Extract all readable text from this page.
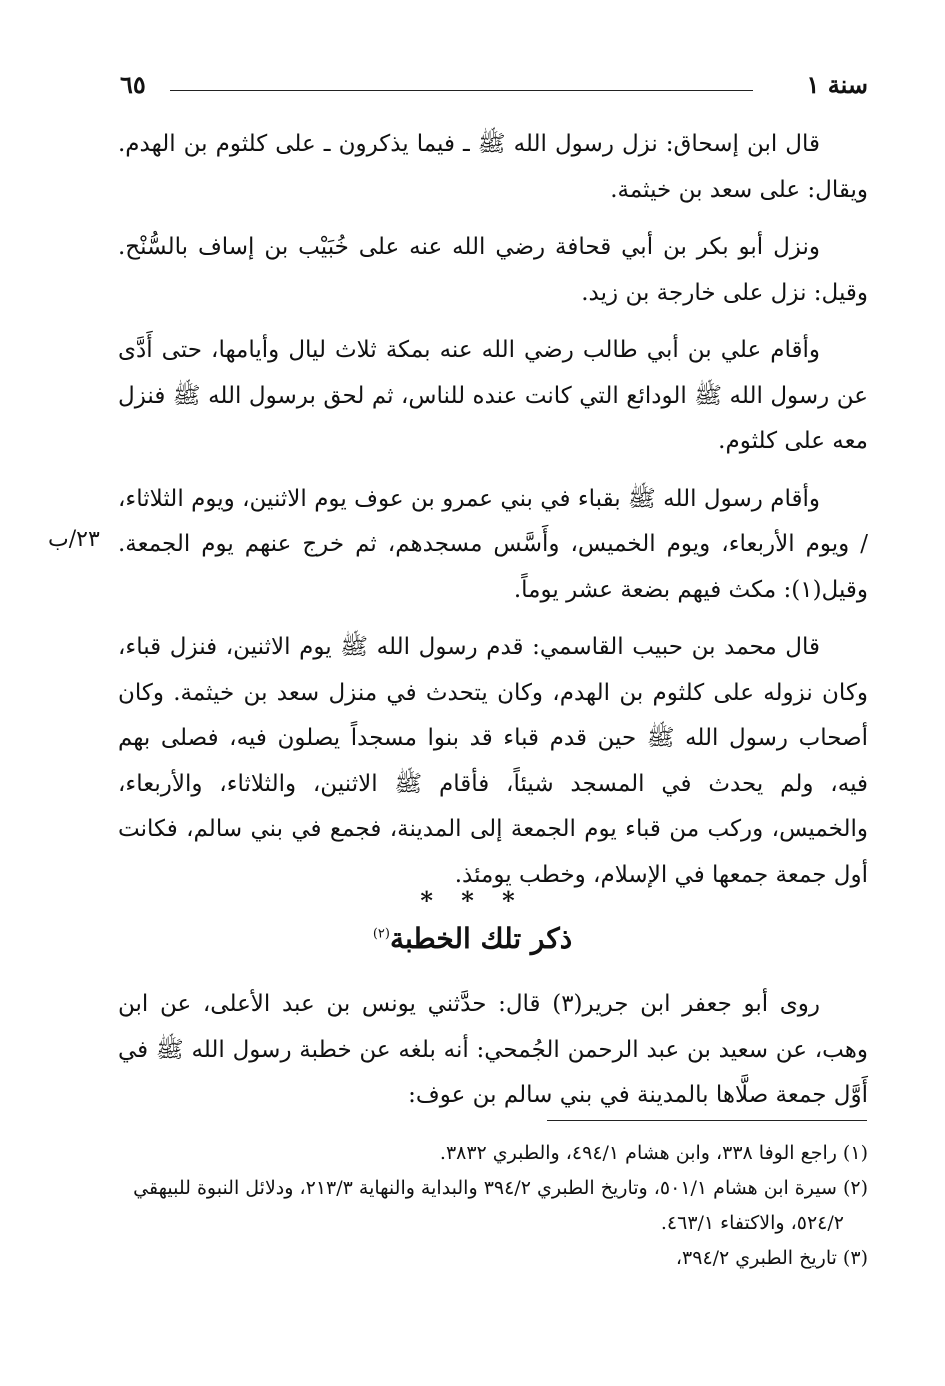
سنة ١
٦٥

قال ابن إسحاق: نزل رسول الله ﷺ ـ فيما يذكرون ـ على كلثوم بن الهدم. ويقال: على سعد بن خيثمة.

ونزل أبو بكر بن أبي قحافة رضي الله عنه على خُبَيْب بن إساف بالسُّنْح. وقيل: نزل على خارجة بن زيد.

وأقام علي بن أبي طالب رضي الله عنه بمكة ثلاث ليال وأيامها، حتى أَدَّى عن رسول الله ﷺ الودائع التي كانت عنده للناس، ثم لحق برسول الله ﷺ فنزل معه على كلثوم.

وأقام رسول الله ﷺ بقباء في بني عمرو بن عوف يوم الاثنين، ويوم الثلاثاء، / ويوم الأربعاء، ويوم الخميس، وأَسَّس مسجدهم، ثم خرج عنهم يوم الجمعة. وقيل(١): مكث فيهم بضعة عشر يوماً.

قال محمد بن حبيب القاسمي: قدم رسول الله ﷺ يوم الاثنين، فنزل قباء، وكان نزوله على كلثوم بن الهدم، وكان يتحدث في منزل سعد بن خيثمة. وكان أصحاب رسول الله ﷺ حين قدم قباء قد بنوا مسجداً يصلون فيه، فصلى بهم فيه، ولم يحدث في المسجد شيئاً، فأقام ﷺ الاثنين، والثلاثاء، والأربعاء، والخميس، وركب من قباء يوم الجمعة إلى المدينة، فجمع في بني سالم، فكانت أول جمعة جمعها في الإسلام، وخطب يومئذ.

٢٣/ب
* * *
ذكر تلك الخطبة$^{(٢)}$

روى أبو جعفر ابن جرير(٣) قال: حدَّثني يونس بن عبد الأعلى، عن ابن وهب، عن سعيد بن عبد الرحمن الجُمحي: أنه بلغه عن خطبة رسول الله ﷺ في أَوَّل جمعة صلَّاها بالمدينة في بني سالم بن عوف:

(١) راجع الوفا ٣٣٨، وابن هشام ٤٩٤/١، والطبري ٣٨٣٢.

(٢) سيرة ابن هشام ٥٠١/١، وتاريخ الطبري ٣٩٤/٢ والبداية والنهاية ٢١٣/٣، ودلائل النبوة للبيهقي

٥٢٤/٢، والاكتفاء ٤٦٣/١.

(٣) تاريخ الطبري ٣٩٤/٢،
